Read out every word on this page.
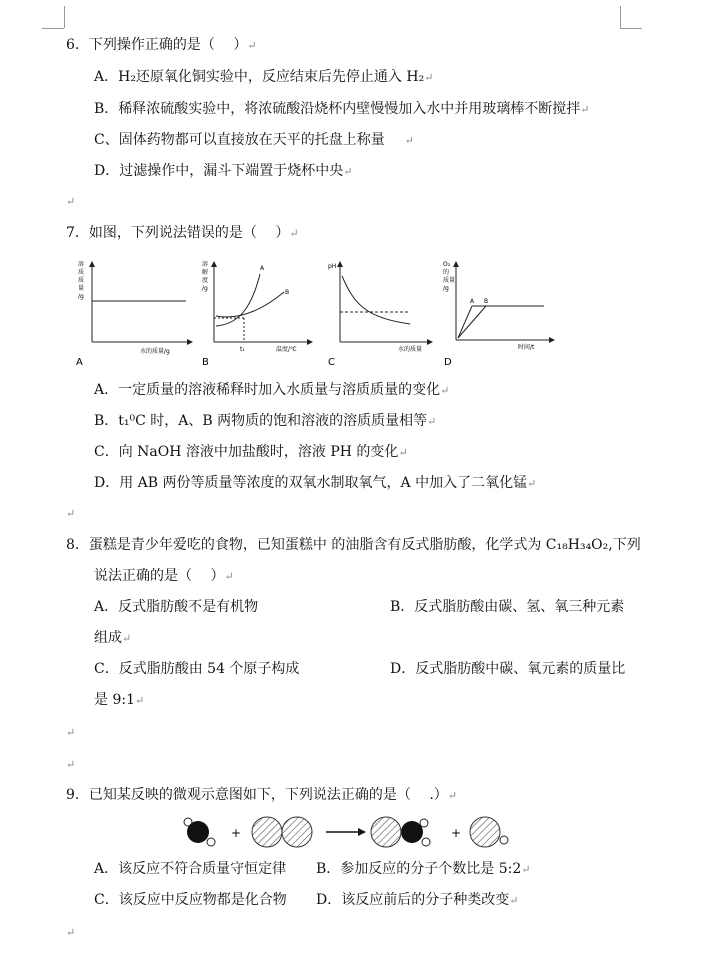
6．下列操作正确的是（　 ）↵
A．H₂还原氧化铜实验中，反应结束后先停止通入 H₂↵
B．稀释浓硫酸实验中，将浓硫酸沿烧杯内壁慢慢加入水中并用玻璃棒不断搅拌↵
C、固体药物都可以直接放在天平的托盘上称量 ↵
D．过滤操作中，漏斗下端置于烧杯中央↵
↵
7．如图，下列说法错误的是（　 ）↵
溶
质
质
量
/g
水的质量/g
A
A
B
溶
解
度
/g
t₁	温度/℃
B
pH
水的质量
C
A B
O₂
的
质量
/g
时间/t
D
A．一定质量的溶液稀释时加入水质量与溶质质量的变化↵
B．t₁⁰C 时，A、B 两物质的饱和溶液的溶质质量相等↵
C．向 NaOH 溶液中加盐酸时，溶液 PH 的变化↵
D．用 AB 两份等质量等浓度的双氧水制取氧气，A 中加入了二氧化锰↵
↵
8．蛋糕是青少年爱吃的食物，已知蛋糕中 的油脂含有反式脂肪酸，化学式为 C₁₈H₃₄O₂,下列
说法正确的是（　 ）↵
A．反式脂肪酸不是有机物	B．反式脂肪酸由碳、氢、氧三种元素
组成↵
C．反式脂肪酸由 54 个原子构成	D．反式脂肪酸中碳、氧元素的质量比
是 9:1↵
↵
↵
9．已知某反映的微观示意图如下，下列说法正确的是（　 .）↵
+	+
A．该反应不符合质量守恒定律 B．参加反应的分子个数比是 5:2↵
C．该反应中反应物都是化合物 D．该反应前后的分子种类改变↵
↵
